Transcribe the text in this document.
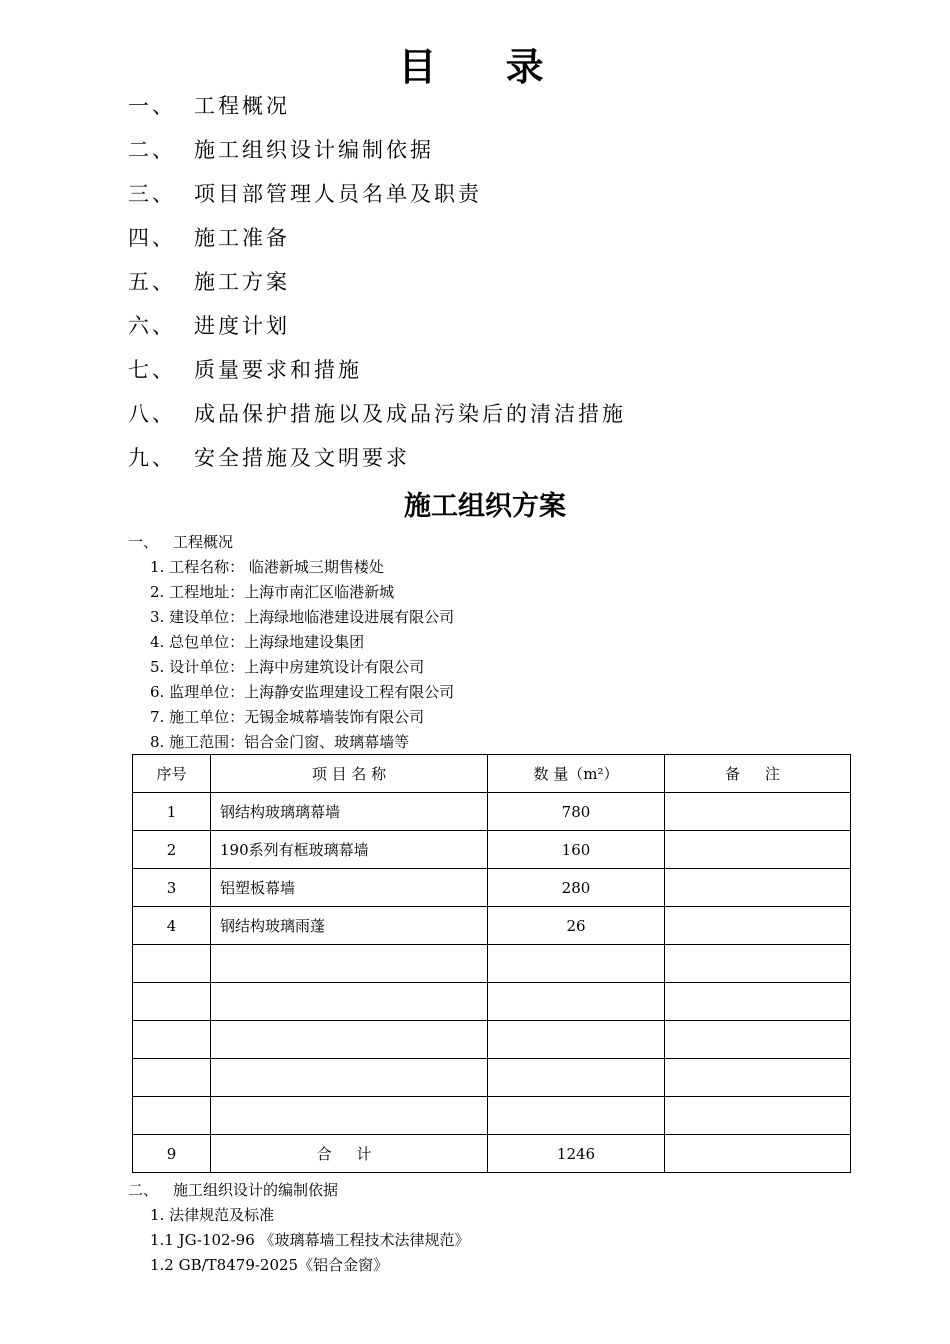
目 录
一、 工程概况
二、 施工组织设计编制依据
三、 项目部管理人员名单及职责
四、 施工准备
五、 施工方案
六、 进度计划
七、 质量要求和措施
八、 成品保护措施以及成品污染后的清洁措施
九、 安全措施及文明要求
施工组织方案
一、 工程概况
1. 工程名称： 临港新城三期售楼处
2. 工程地址：上海市南汇区临港新城
3. 建设单位：上海绿地临港建设进展有限公司
4. 总包单位：上海绿地建设集团
5. 设计单位：上海中房建筑设计有限公司
6. 监理单位：上海静安监理建设工程有限公司
7. 施工单位：无锡金城幕墙装饰有限公司
8. 施工范围：铝合金门窗、玻璃幕墙等
序号	项 目 名 称	数 量（m²）	备 注
1	钢结构玻璃璃幕墙	780	
2	190系列有框玻璃幕墙	160	
3	铝塑板幕墙	280	
4	钢结构玻璃雨蓬	26	

9	合 计	1246	
二、 施工组织设计的编制依据
1. 法律规范及标准
1.1 JG-102-96 《玻璃幕墙工程技术法律规范》
1.2 GB/T8479-2025《铝合金窗》
